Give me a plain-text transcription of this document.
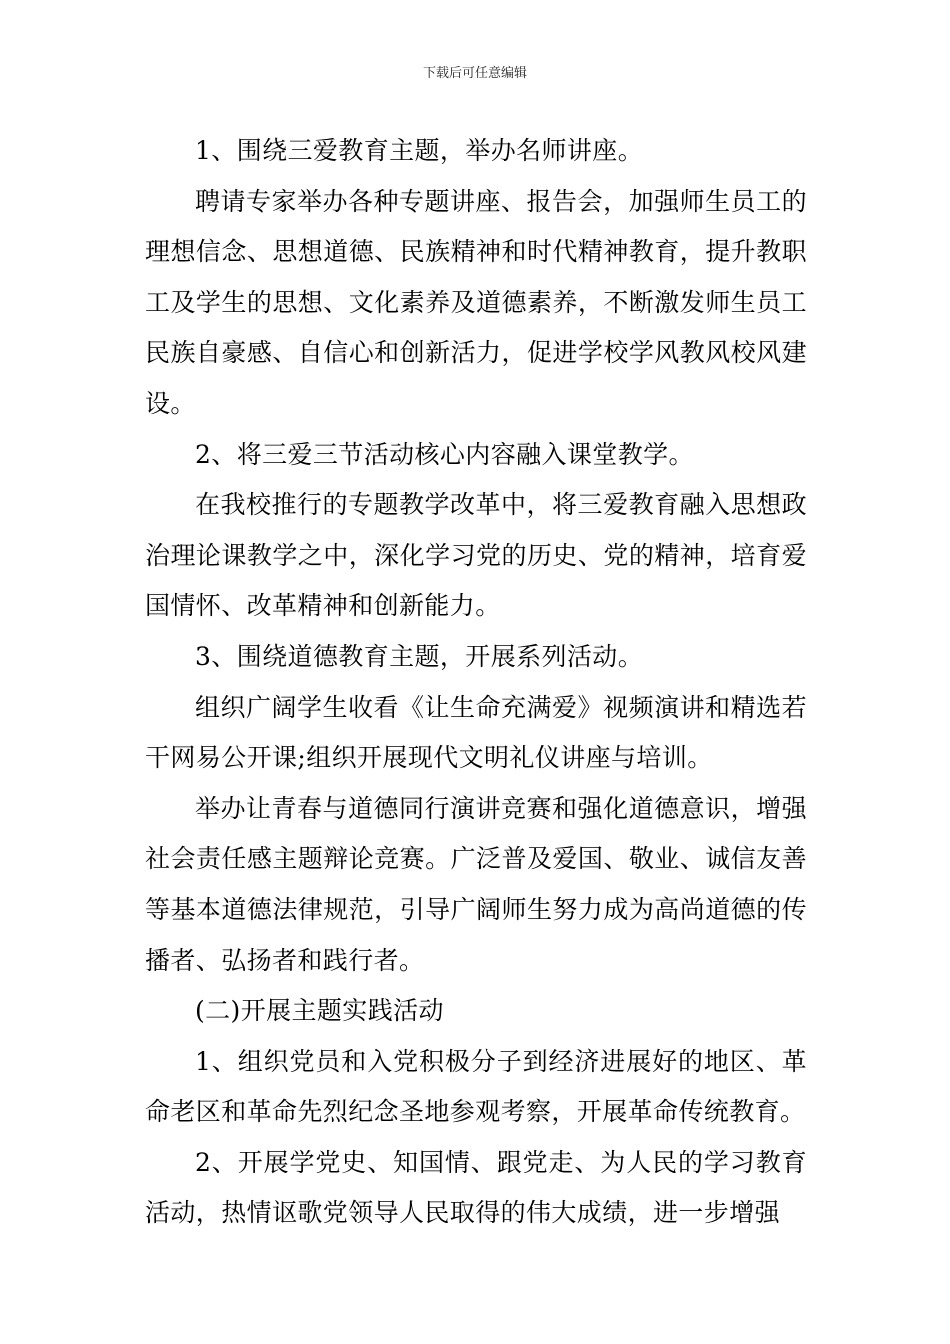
下载后可任意编辑

1、围绕三爱教育主题，举办名师讲座。

聘请专家举办各种专题讲座、报告会，加强师生员工的理想信念、思想道德、民族精神和时代精神教育，提升教职工及学生的思想、文化素养及道德素养，不断激发师生员工民族自豪感、自信心和创新活力，促进学校学风教风校风建设。

2、将三爱三节活动核心内容融入课堂教学。

在我校推行的专题教学改革中，将三爱教育融入思想政治理论课教学之中，深化学习党的历史、党的精神，培育爱国情怀、改革精神和创新能力。

3、围绕道德教育主题，开展系列活动。

组织广阔学生收看《让生命充满爱》视频演讲和精选若干网易公开课;组织开展现代文明礼仪讲座与培训。

举办让青春与道德同行演讲竞赛和强化道德意识，增强社会责任感主题辩论竞赛。广泛普及爱国、敬业、诚信友善等基本道德法律规范，引导广阔师生努力成为高尚道德的传播者、弘扬者和践行者。

(二)开展主题实践活动

1、组织党员和入党积极分子到经济进展好的地区、革命老区和革命先烈纪念圣地参观考察，开展革命传统教育。

2、开展学党史、知国情、跟党走、为人民的学习教育活动，热情讴歌党领导人民取得的伟大成绩，进一步增强
